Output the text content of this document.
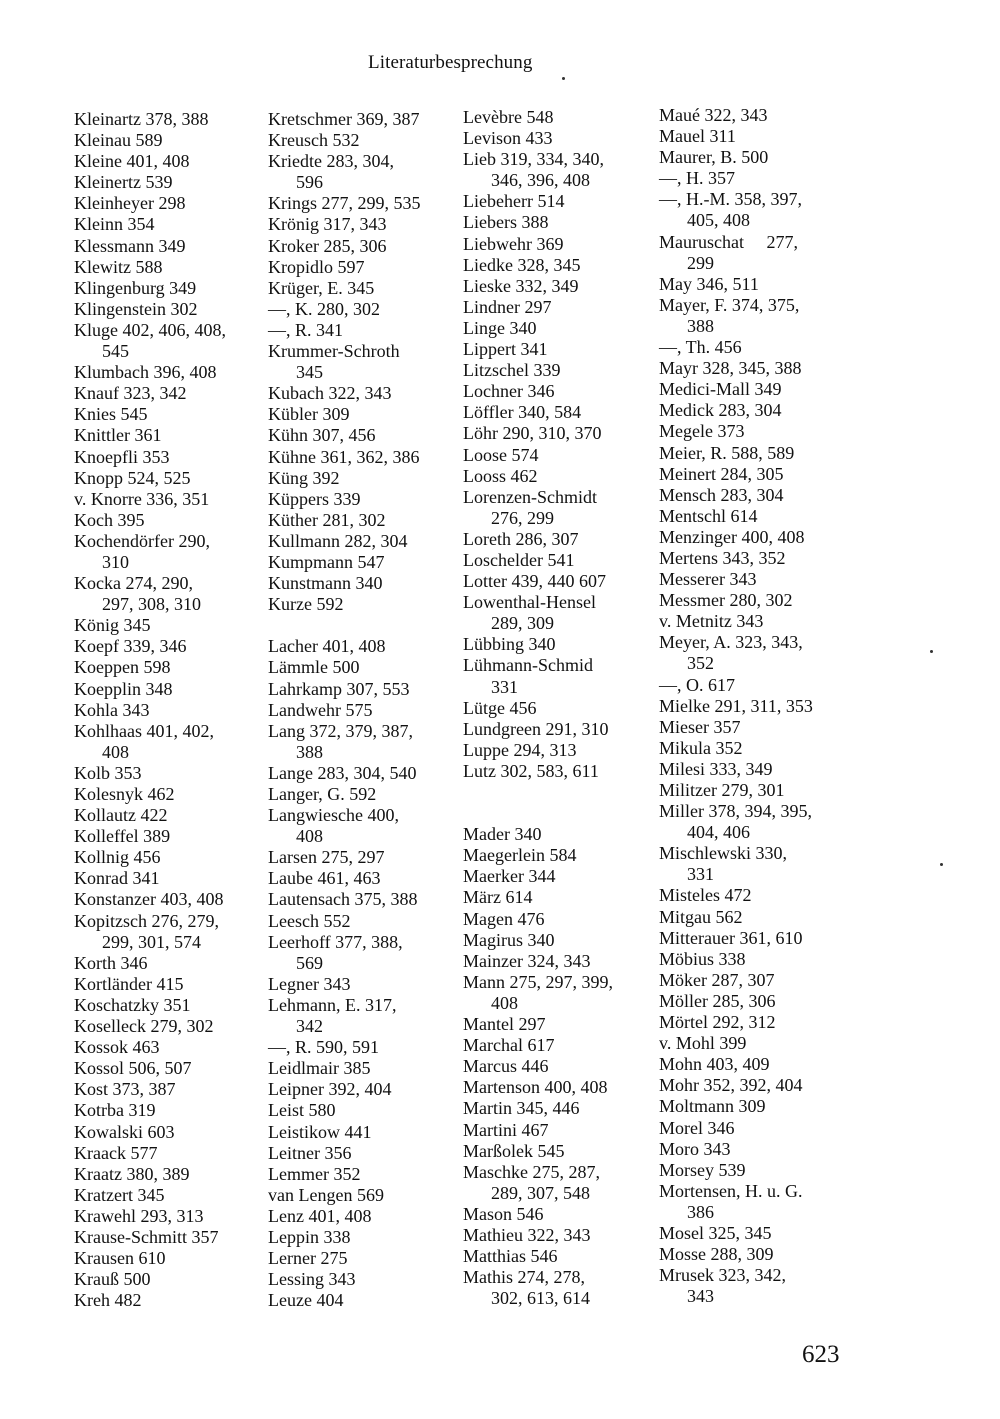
Literaturbesprechung
Kleinartz 378, 388
Kleinau 589
Kleine 401, 408
Kleinertz 539
Kleinheyer 298
Kleinn 354
Klessmann 349
Klewitz 588
Klingenburg 349
Klingenstein 302
Kluge 402, 406, 408,
545
Klumbach 396, 408
Knauf 323, 342
Knies 545
Knittler 361
Knoepfli 353
Knopp 524, 525
v. Knorre 336, 351
Koch 395
Kochendörfer 290,
310
Kocka 274, 290,
297, 308, 310
König 345
Koepf 339, 346
Koeppen 598
Koepplin 348
Kohla 343
Kohlhaas 401, 402,
408
Kolb 353
Kolesnyk 462
Kollautz 422
Kolleffel 389
Kollnig 456
Konrad 341
Konstanzer 403, 408
Kopitzsch 276, 279,
299, 301, 574
Korth 346
Kortländer 415
Koschatzky 351
Koselleck 279, 302
Kossok 463
Kossol 506, 507
Kost 373, 387
Kotrba 319
Kowalski 603
Kraack 577
Kraatz 380, 389
Kratzert 345
Krawehl 293, 313
Krause-Schmitt 357
Krausen 610
Krauß 500
Kreh 482
Kretschmer 369, 387
Kreusch 532
Kriedte 283, 304,
596
Krings 277, 299, 535
Krönig 317, 343
Kroker 285, 306
Kropidlo 597
Krüger, E. 345
—, K. 280, 302
—, R. 341
Krummer-Schroth
345
Kubach 322, 343
Kübler 309
Kühn 307, 456
Kühne 361, 362, 386
Küng 392
Küppers 339
Küther 281, 302
Kullmann 282, 304
Kumpmann 547
Kunstmann 340
Kurze 592
Lacher 401, 408
Lämmle 500
Lahrkamp 307, 553
Landwehr 575
Lang 372, 379, 387,
388
Lange 283, 304, 540
Langer, G. 592
Langwiesche 400,
408
Larsen 275, 297
Laube 461, 463
Lautensach 375, 388
Leesch 552
Leerhoff 377, 388,
569
Legner 343
Lehmann, E. 317,
342
—, R. 590, 591
Leidlmair 385
Leipner 392, 404
Leist 580
Leistikow 441
Leitner 356
Lemmer 352
van Lengen 569
Lenz 401, 408
Leppin 338
Lerner 275
Lessing 343
Leuze 404
Levèbre 548
Levison 433
Lieb 319, 334, 340,
346, 396, 408
Liebeherr 514
Liebers 388
Liebwehr 369
Liedke 328, 345
Lieske 332, 349
Lindner 297
Linge 340
Lippert 341
Litzschel 339
Lochner 346
Löffler 340, 584
Löhr 290, 310, 370
Loose 574
Looss 462
Lorenzen-Schmidt
276, 299
Loreth 286, 307
Loschelder 541
Lotter 439, 440 607
Lowenthal-Hensel
289, 309
Lübbing 340
Lühmann-Schmid
331
Lütge 456
Lundgreen 291, 310
Luppe 294, 313
Lutz 302, 583, 611
Mader 340
Maegerlein 584
Maerker 344
März 614
Magen 476
Magirus 340
Mainzer 324, 343
Mann 275, 297, 399,
408
Mantel 297
Marchal 617
Marcus 446
Martenson 400, 408
Martin 345, 446
Martini 467
Marßolek 545
Maschke 275, 287,
289, 307, 548
Mason 546
Mathieu 322, 343
Matthias 546
Mathis 274, 278,
302, 613, 614
Maué 322, 343
Mauel 311
Maurer, B. 500
—, H. 357
—, H.-M. 358, 397,
405, 408
Mauruschat     277,
299
May 346, 511
Mayer, F. 374, 375,
388
—, Th. 456
Mayr 328, 345, 388
Medici-Mall 349
Medick 283, 304
Megele 373
Meier, R. 588, 589
Meinert 284, 305
Mensch 283, 304
Mentschl 614
Menzinger 400, 408
Mertens 343, 352
Messerer 343
Messmer 280, 302
v. Metnitz 343
Meyer, A. 323, 343,
352
—, O. 617
Mielke 291, 311, 353
Mieser 357
Mikula 352
Milesi 333, 349
Militzer 279, 301
Miller 378, 394, 395,
404, 406
Mischlewski 330,
331
Misteles 472
Mitgau 562
Mitterauer 361, 610
Möbius 338
Möker 287, 307
Möller 285, 306
Mörtel 292, 312
v. Mohl 399
Mohn 403, 409
Mohr 352, 392, 404
Moltmann 309
Morel 346
Moro 343
Morsey 539
Mortensen, H. u. G.
386
Mosel 325, 345
Mosse 288, 309
Mrusek 323, 342,
343
623
